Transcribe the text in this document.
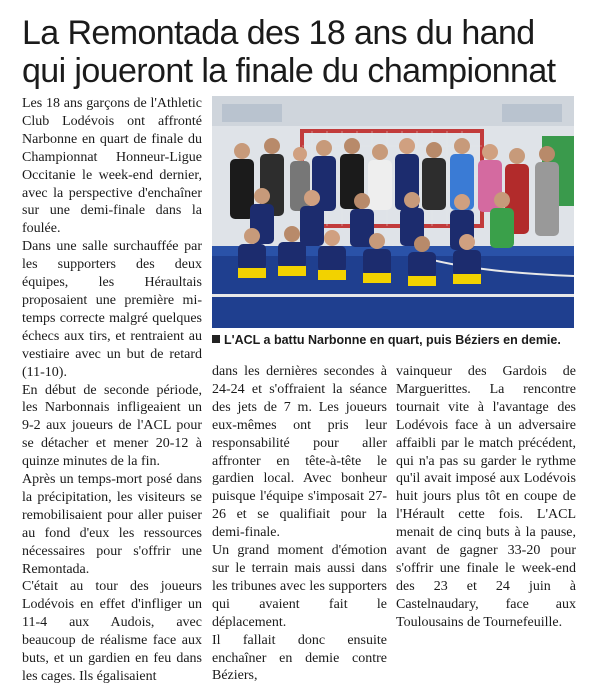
La Remontada des 18 ans du hand
qui joueront la finale du championnat

Les 18 ans garçons de l'Athletic Club Lodévois ont affronté Narbonne en quart de finale du Championnat Honneur-Ligue Occitanie le week-end dernier, avec la perspective d'enchaîner sur une demi-finale dans la foulée.

Dans une salle surchauffée par les supporters des deux équipes, les Héraultais proposaient une première mi-temps correcte malgré quelques échecs aux tirs, et rentraient au vestiaire avec un but de retard (11-10).

En début de seconde période, les Narbonnais infligeaient un 9-2 aux joueurs de l'ACL pour se détacher et mener 20-12 à quinze minutes de la fin.

Après un temps-mort posé dans la précipitation, les visiteurs se remobilisaient pour aller puiser au fond d'eux les ressources nécessaires pour s'offrir une Remontada.

C'était au tour des joueurs Lodévois en effet d'infliger un 11-4 aux Audois, avec beaucoup de réalisme face aux buts, et un gardien en feu dans les cages. Ils égalisaient

L'ACL a battu Narbonne en quart, puis Béziers en demie.

dans les dernières secondes à 24-24 et s'offraient la séance des jets de 7 m. Les joueurs eux-mêmes ont pris leur responsabilité pour aller affronter en tête-à-tête le gardien local. Avec bonheur puisque l'équipe s'imposait 27-26 et se qualifiait pour la demi-finale.

Un grand moment d'émotion sur le terrain mais aussi dans les tribunes avec les supporters qui avaient fait le déplacement.

Il fallait donc ensuite enchaîner en demie contre Béziers,

vainqueur des Gardois de Marguerittes. La rencontre tournait vite à l'avantage des Lodévois face à un adversaire affaibli par le match précédent, qui n'a pas su garder le rythme qu'il avait imposé aux Lodévois huit jours plus tôt en coupe de l'Hérault cette fois. L'ACL menait de cinq buts à la pause, avant de gagner 33-20 pour s'offrir une finale le week-end des 23 et 24 juin à Castelnaudary, face aux Toulousains de Tournefeuille.
